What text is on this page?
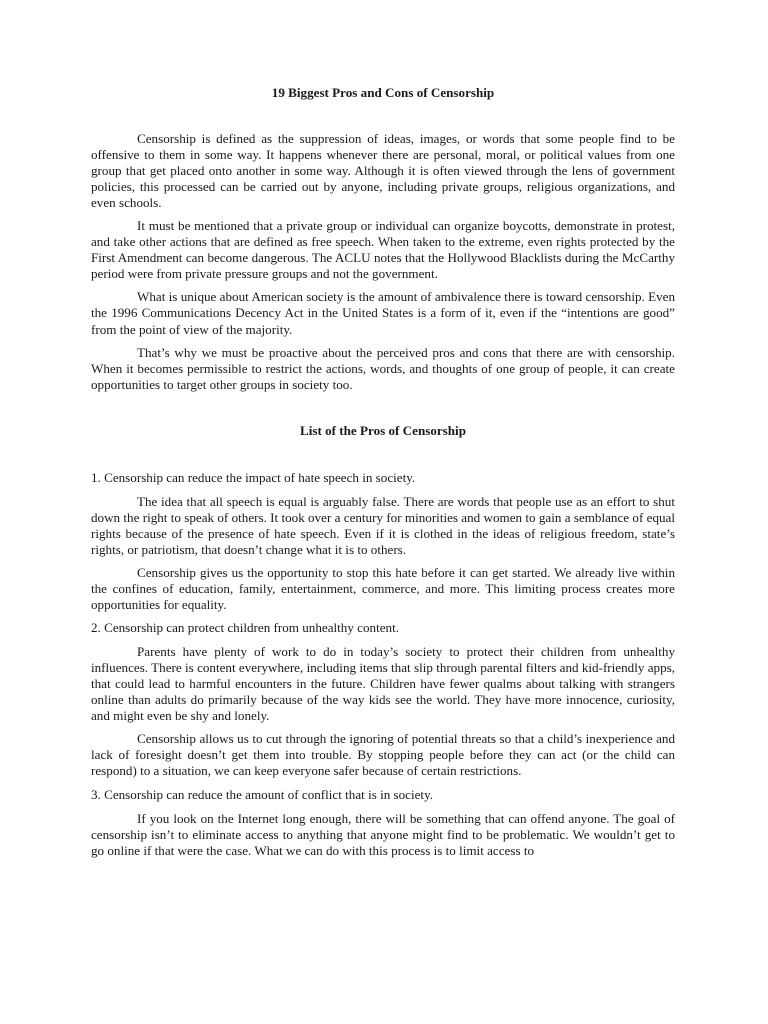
19 Biggest Pros and Cons of Censorship

Censorship is defined as the suppression of ideas, images, or words that some people find to be offensive to them in some way. It happens whenever there are personal, moral, or political values from one group that get placed onto another in some way. Although it is often viewed through the lens of government policies, this processed can be carried out by anyone, including private groups, religious organizations, and even schools.

It must be mentioned that a private group or individual can organize boycotts, demonstrate in protest, and take other actions that are defined as free speech. When taken to the extreme, even rights protected by the First Amendment can become dangerous. The ACLU notes that the Hollywood Blacklists during the McCarthy period were from private pressure groups and not the government.

What is unique about American society is the amount of ambivalence there is toward censorship. Even the 1996 Communications Decency Act in the United States is a form of it, even if the “intentions are good” from the point of view of the majority.

That’s why we must be proactive about the perceived pros and cons that there are with censorship. When it becomes permissible to restrict the actions, words, and thoughts of one group of people, it can create opportunities to target other groups in society too.

List of the Pros of Censorship

1. Censorship can reduce the impact of hate speech in society.

The idea that all speech is equal is arguably false. There are words that people use as an effort to shut down the right to speak of others. It took over a century for minorities and women to gain a semblance of equal rights because of the presence of hate speech. Even if it is clothed in the ideas of religious freedom, state’s rights, or patriotism, that doesn’t change what it is to others.

Censorship gives us the opportunity to stop this hate before it can get started. We already live within the confines of education, family, entertainment, commerce, and more. This limiting process creates more opportunities for equality.

2. Censorship can protect children from unhealthy content.

Parents have plenty of work to do in today’s society to protect their children from unhealthy influences. There is content everywhere, including items that slip through parental filters and kid-friendly apps, that could lead to harmful encounters in the future. Children have fewer qualms about talking with strangers online than adults do primarily because of the way kids see the world. They have more innocence, curiosity, and might even be shy and lonely.

Censorship allows us to cut through the ignoring of potential threats so that a child’s inexperience and lack of foresight doesn’t get them into trouble. By stopping people before they can act (or the child can respond) to a situation, we can keep everyone safer because of certain restrictions.

3. Censorship can reduce the amount of conflict that is in society.

If you look on the Internet long enough, there will be something that can offend anyone. The goal of censorship isn’t to eliminate access to anything that anyone might find to be problematic. We wouldn’t get to go online if that were the case. What we can do with this process is to limit access to
